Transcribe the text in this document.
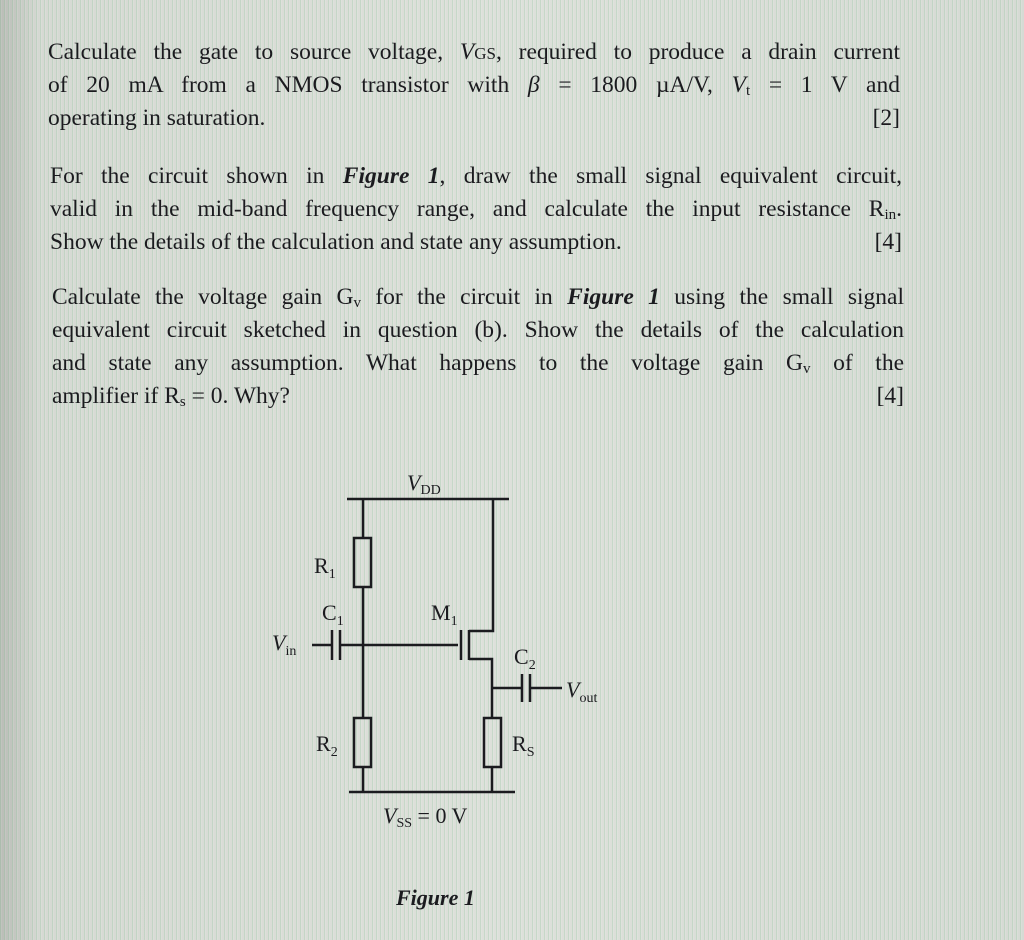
Calculate the gate to source voltage, VGS, required to produce a drain current
of 20 mA from a NMOS transistor with β = 1800 µA/V, $V_t = 1$ V and
operating in saturation.	[2]
For the circuit shown in Figure 1, draw the small signal equivalent circuit,
valid in the mid-band frequency range, and calculate the input resistance $R_{in}$.
Show the details of the calculation and state any assumption.	[4]
Calculate the voltage gain $G_v$ for the circuit in Figure 1 using the small signal
equivalent circuit sketched in question (b). Show the details of the calculation
and state any assumption. What happens to the voltage gain $G_v$ of the
amplifier if $R_s = 0$. Why?	[4]
VDD
$R_1$
$C_1$	$M_1$
$V_{in}$	$C_2$
$V_{out}$
$R_2$	$R_S$
VSS = 0 V
Figure 1
